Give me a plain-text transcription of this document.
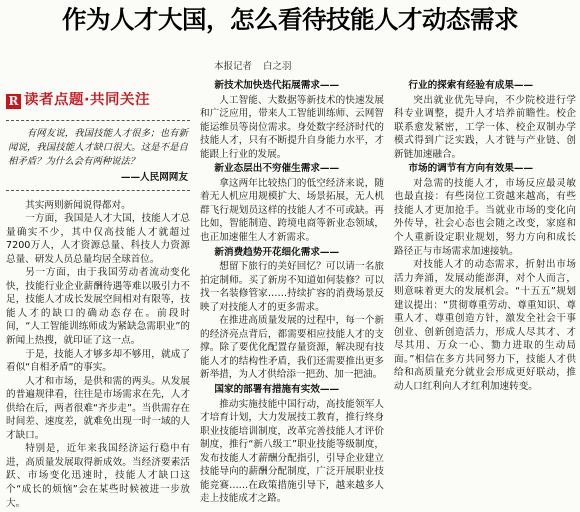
作为人才大国，怎么看待技能人才动态需求
本报记者 白之羽
R 读者点题·共同关注

有网友说，我国技能人才很多；也有新闻说，我国技能人才缺口很大。这是不是自相矛盾？为什么会有两种说法？

——人民网网友

其实两则新闻说得都对。

一方面，我国是人才大国，技能人才总量确实不少，其中仅高技能人才就超过7200万人，人才资源总量、科技人力资源总量、研发人员总量均居全球首位。

另一方面，由于我国劳动者流动变化快，技能行业企业薪酬待遇等难以吸引力不足，技能人才成长发展空间相对有限等，技能人才的缺口的确动态存在。前段时间，“人工智能训练师成为紧缺急需职业”的新闻上热搜，就印证了这一点。

于是，技能人才够多却不够用，就成了看似“自相矛盾”的事实。

人才和市场，是供和需的两头。从发展的普遍规律看，往往是市场需求在先，人才供给在后，两者很难“齐步走”。当供需存在时间差、速度差，就难免出现一时一域的人才缺口。

特别是，近年来我国经济运行稳中有进，高质量发展取得新成效。当经济要素活跃、市场变化迅速时，技能人才缺口这个“成长的烦恼”会在某些时候被进一步放大。

新技术加快迭代拓展需求——

人工智能、大数据等新技术的快速发展和广泛应用，带来人工智能训练师、云网智能运维员等岗位需求。身处数字经济时代的技能人才，只有不断提升自身能力水平，才能跟上行业的发展。

新业态层出不穷催生需求——

拿这两年比较热门的低空经济来说，随着无人机应用规模扩大、场景拓展，无人机群飞行规划员这样的技能人才不可或缺。再比如，智能制造、跨境电商等新业态领域，也正加速催生人才新需求。

新消费趋势开花细化需求——

想留下旅行的美好回忆？可以请一名旅拍定制师。买了新房不知道如何装修？可以找一名装修管家……持续扩容的消费场景反映了对技能人才的更多需求。

在推进高质量发展的过程中，每一个新的经济亮点背后，都需要相应技能人才的支撑。除了要优化配置存量资源，解决现有技能人才的结构性矛盾，我们还需要推出更多新举措，为人才供给添一把劲、加一把油。

国家的部署有措施有实效——

推动实施技能中国行动，高技能领军人才培育计划，大力发展技工教育，推行终身职业技能培训制度，改革完善技能人才评价制度，推行“新八级工”职业技能等级制度，发布技能人才薪酬分配指引，引导企业建立技能导向的薪酬分配制度，广泛开展职业技能竞赛……在政策措施引导下，越来越多人走上技能成才之路。

行业的探索有经验有成果——

突出就业优先导向，不少院校进行学科专业调整，提升人才培养前瞻性。校企联系愈发紧密，工学一体、校企双制办学模式得到广泛实践，人才链与产业链、创新链加速融合。

市场的调节有方向有效果——

对急需的技能人才，市场反应最灵敏也最直接：有些岗位工资越来越高，有些技能人才更加抢手。当就业市场的变化向外传导，社会心态也会随之改变，家庭和个人重新设定职业规划，努力方向和成长路径正与市场需求加速接轨。

对技能人才的动态需求，折射出市场活力奔涌，发展动能澎湃，对个人而言，则意味着更大的发展机会。“十五五”规划建议提出：“贯彻尊重劳动、尊重知识、尊重人才、尊重创造方针，激发全社会干事创业、创新创造活力，形成人尽其才、才尽其用、万众一心、勠力进取的生动局面。”相信在多方共同努力下，技能人才供给和高质量充分就业会形成更好联动，推动人口红利向人才红利加速转变。
